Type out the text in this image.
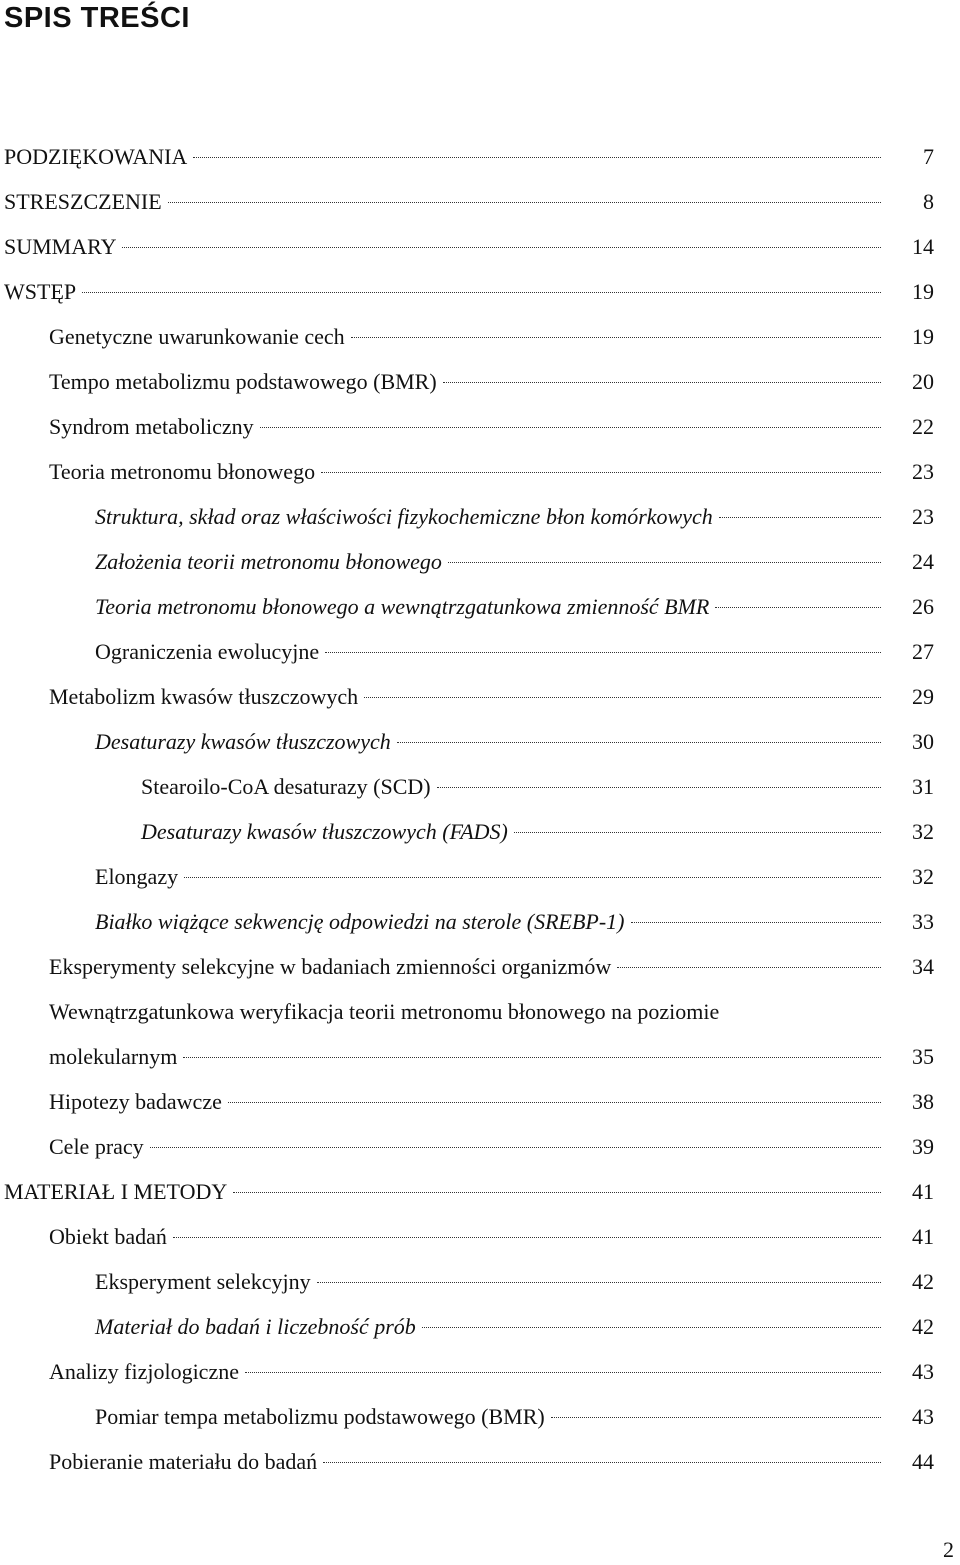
SPIS TREŚCI
PODZIĘKOWANIA	7
STRESZCZENIE	8
SUMMARY	14
WSTĘP	19
Genetyczne uwarunkowanie cech	19
Tempo metabolizmu podstawowego (BMR)	20
Syndrom metaboliczny	22
Teoria metronomu błonowego	23
Struktura, skład oraz właściwości fizykochemiczne błon komórkowych	23
Założenia teorii metronomu błonowego	24
Teoria metronomu błonowego a wewnątrzgatunkowa zmienność BMR	26
Ograniczenia ewolucyjne	27
Metabolizm kwasów tłuszczowych	29
Desaturazy kwasów tłuszczowych	30
Stearoilo-CoA desaturazy (SCD)	31
Desaturazy kwasów tłuszczowych (FADS)	32
Elongazy	32
Białko wiążące sekwencję odpowiedzi na sterole (SREBP-1)	33
Eksperymenty selekcyjne w badaniach zmienności organizmów	34
Wewnątrzgatunkowa weryfikacja teorii metronomu błonowego na poziomie
molekularnym	35
Hipotezy badawcze	38
Cele pracy	39
MATERIAŁ I METODY	41
Obiekt badań	41
Eksperyment selekcyjny	42
Materiał do badań i liczebność prób	42
Analizy fizjologiczne	43
Pomiar tempa metabolizmu podstawowego (BMR)	43
Pobieranie materiału do badań	44
2
